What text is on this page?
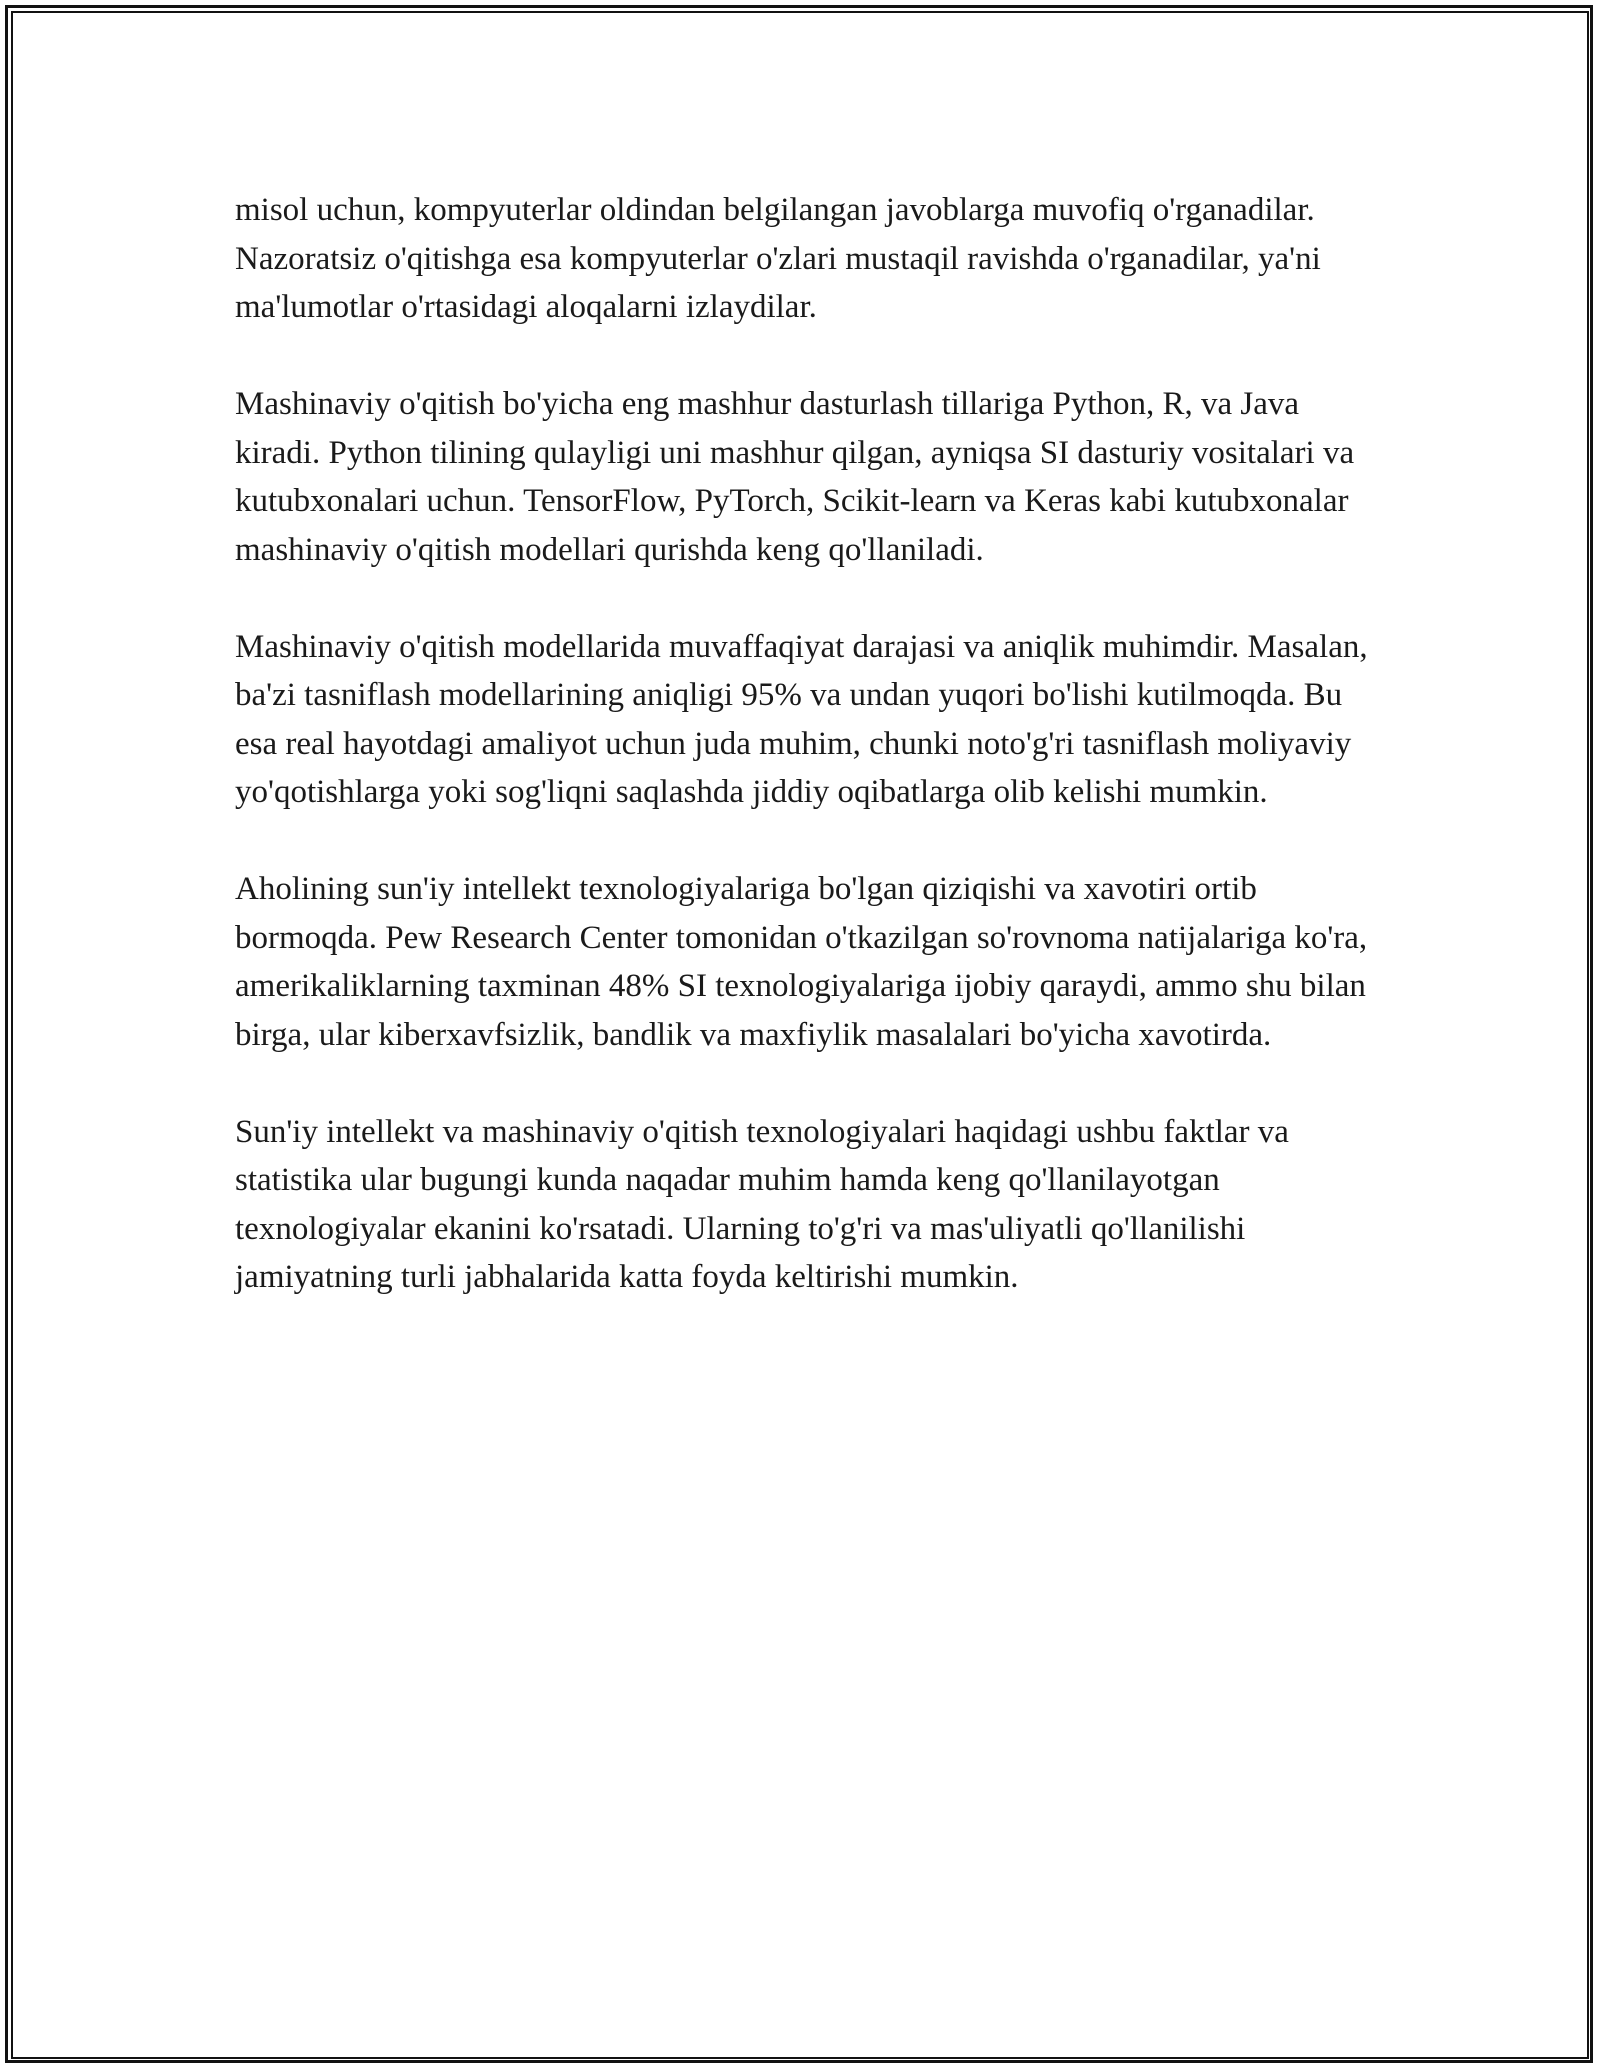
misol uchun, kompyuterlar oldindan belgilangan javoblarga muvofiq o'rganadilar. Nazoratsiz o'qitishga esa kompyuterlar o'zlari mustaqil ravishda o'rganadilar, ya'ni ma'lumotlar o'rtasidagi aloqalarni izlaydilar.

Mashinaviy o'qitish bo'yicha eng mashhur dasturlash tillariga Python, R, va Java kiradi. Python tilining qulayligi uni mashhur qilgan, ayniqsa SI dasturiy vositalari va kutubxonalari uchun. TensorFlow, PyTorch, Scikit-learn va Keras kabi kutubxonalar mashinaviy o'qitish modellari qurishda keng qo'llaniladi.

Mashinaviy o'qitish modellarida muvaffaqiyat darajasi va aniqlik muhimdir. Masalan, ba'zi tasniflash modellarining aniqligi 95% va undan yuqori bo'lishi kutilmoqda. Bu esa real hayotdagi amaliyot uchun juda muhim, chunki noto'g'ri tasniflash moliyaviy yo'qotishlarga yoki sog'liqni saqlashda jiddiy oqibatlarga olib kelishi mumkin.

Aholining sun'iy intellekt texnologiyalariga bo'lgan qiziqishi va xavotiri ortib bormoqda. Pew Research Center tomonidan o'tkazilgan so'rovnoma natijalariga ko'ra, amerikaliklarning taxminan 48% SI texnologiyalariga ijobiy qaraydi, ammo shu bilan birga, ular kiberxavfsizlik, bandlik va maxfiylik masalalari bo'yicha xavotirda.

Sun'iy intellekt va mashinaviy o'qitish texnologiyalari haqidagi ushbu faktlar va statistika ular bugungi kunda naqadar muhim hamda keng qo'llanilayotgan texnologiyalar ekanini ko'rsatadi. Ularning to'g'ri va mas'uliyatli qo'llanilishi jamiyatning turli jabhalarida katta foyda keltirishi mumkin.
